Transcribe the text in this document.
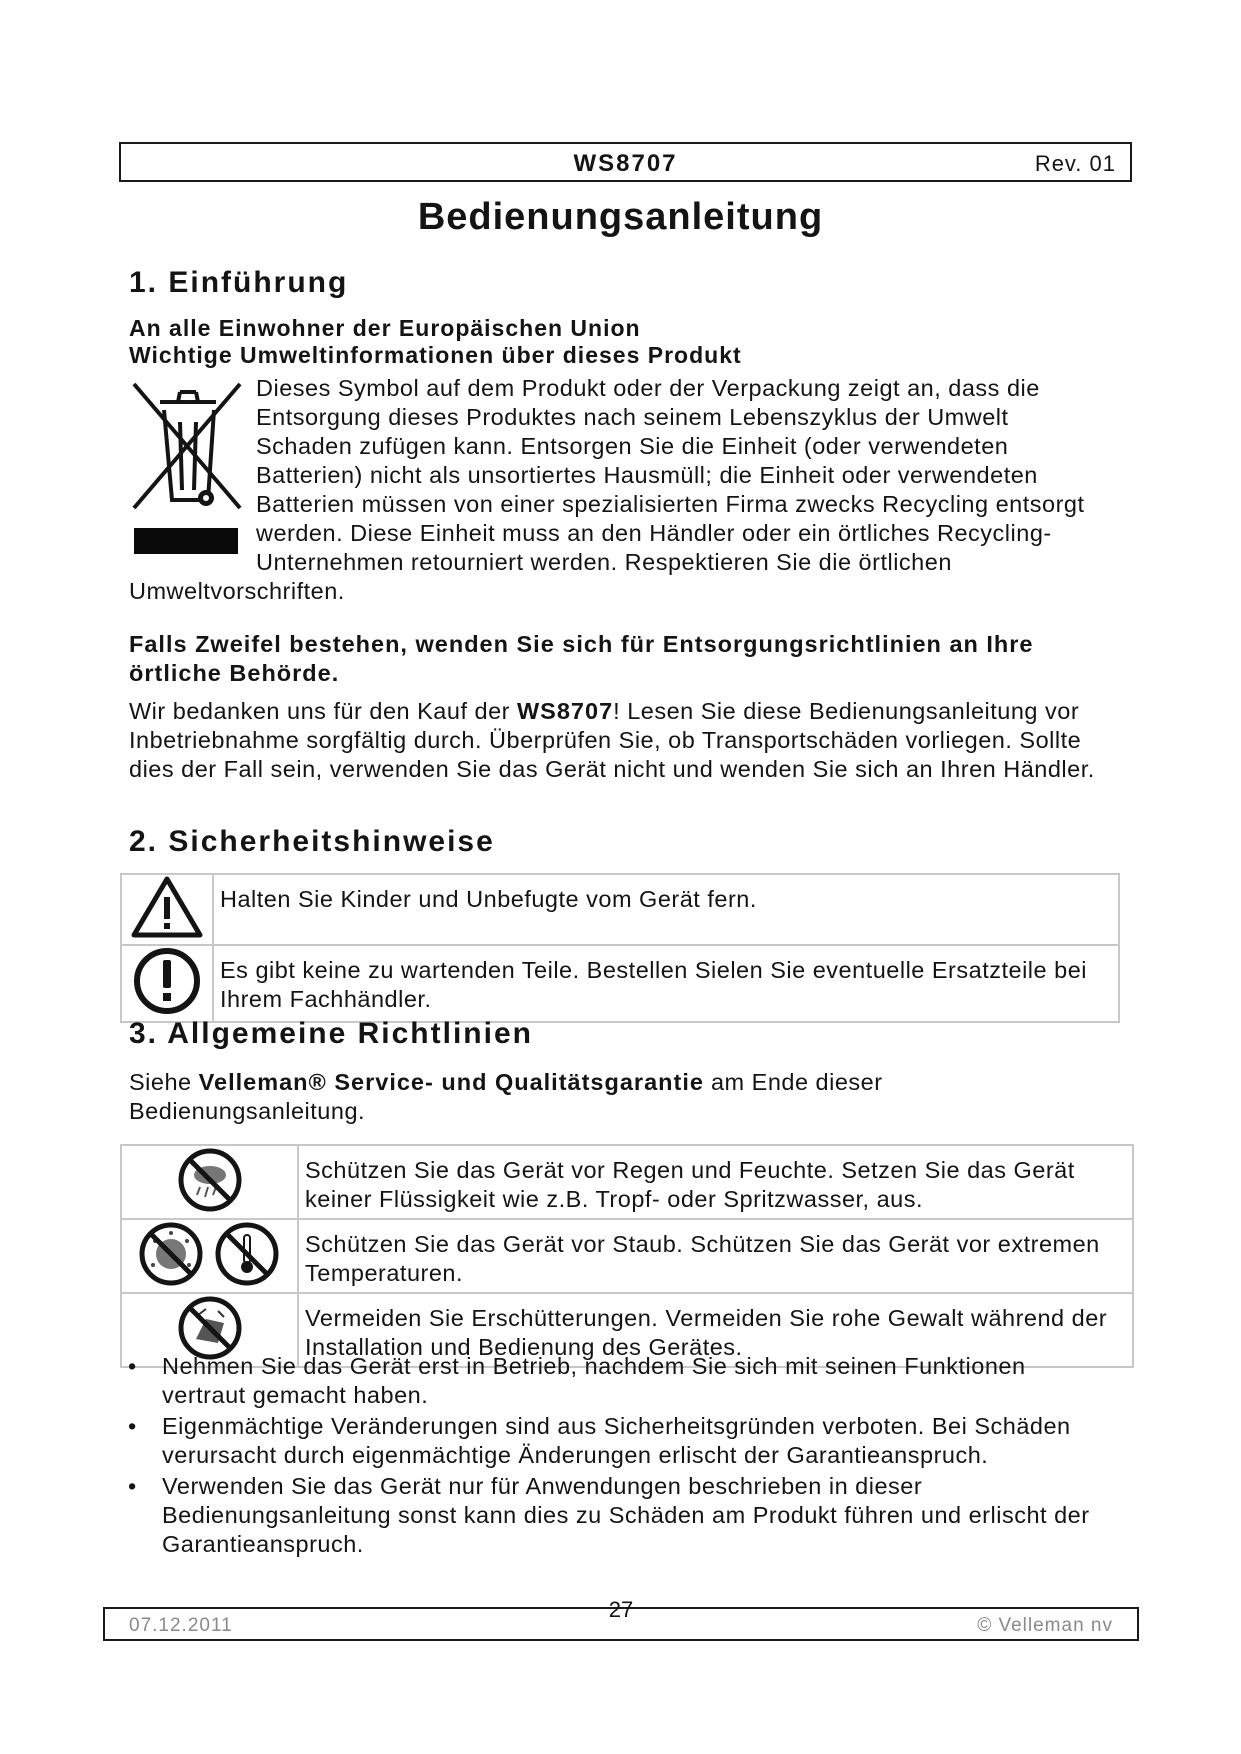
WS8707	Rev. 01
Bedienungsanleitung
1. Einführung
An alle Einwohner der Europäischen Union
Wichtige Umweltinformationen über dieses Produkt
Dieses Symbol auf dem Produkt oder der Verpackung zeigt an, dass die Entsorgung dieses Produktes nach seinem Lebenszyklus der Umwelt Schaden zufügen kann. Entsorgen Sie die Einheit (oder verwendeten Batterien) nicht als unsortiertes Hausmüll; die Einheit oder verwendeten Batterien müssen von einer spezialisierten Firma zwecks Recycling entsorgt werden. Diese Einheit muss an den Händler oder ein örtliches Recycling-Unternehmen retourniert werden. Respektieren Sie die örtlichen Umweltvorschriften.
Falls Zweifel bestehen, wenden Sie sich für Entsorgungsrichtlinien an Ihre örtliche Behörde.
Wir bedanken uns für den Kauf der WS8707! Lesen Sie diese Bedienungsanleitung vor Inbetriebnahme sorgfältig durch. Überprüfen Sie, ob Transportschäden vorliegen. Sollte dies der Fall sein, verwenden Sie das Gerät nicht und wenden Sie sich an Ihren Händler.
2. Sicherheitshinweise
	Halten Sie Kinder und Unbefugte vom Gerät fern.
	Es gibt keine zu wartenden Teile. Bestellen Sielen Sie eventuelle Ersatzteile bei Ihrem Fachhändler.
3. Allgemeine Richtlinien
Siehe Velleman® Service- und Qualitätsgarantie am Ende dieser Bedienungsanleitung.
	Schützen Sie das Gerät vor Regen und Feuchte. Setzen Sie das Gerät keiner Flüssigkeit wie z.B. Tropf- oder Spritzwasser, aus.
	Schützen Sie das Gerät vor Staub. Schützen Sie das Gerät vor extremen Temperaturen.
	Vermeiden Sie Erschütterungen. Vermeiden Sie rohe Gewalt während der Installation und Bedienung des Gerätes.
• Nehmen Sie das Gerät erst in Betrieb, nachdem Sie sich mit seinen Funktionen vertraut gemacht haben.
• Eigenmächtige Veränderungen sind aus Sicherheitsgründen verboten. Bei Schäden verursacht durch eigenmächtige Änderungen erlischt der Garantieanspruch.
• Verwenden Sie das Gerät nur für Anwendungen beschrieben in dieser Bedienungsanleitung sonst kann dies zu Schäden am Produkt führen und erlischt der Garantieanspruch.
07.12.2011
27
© Velleman nv
